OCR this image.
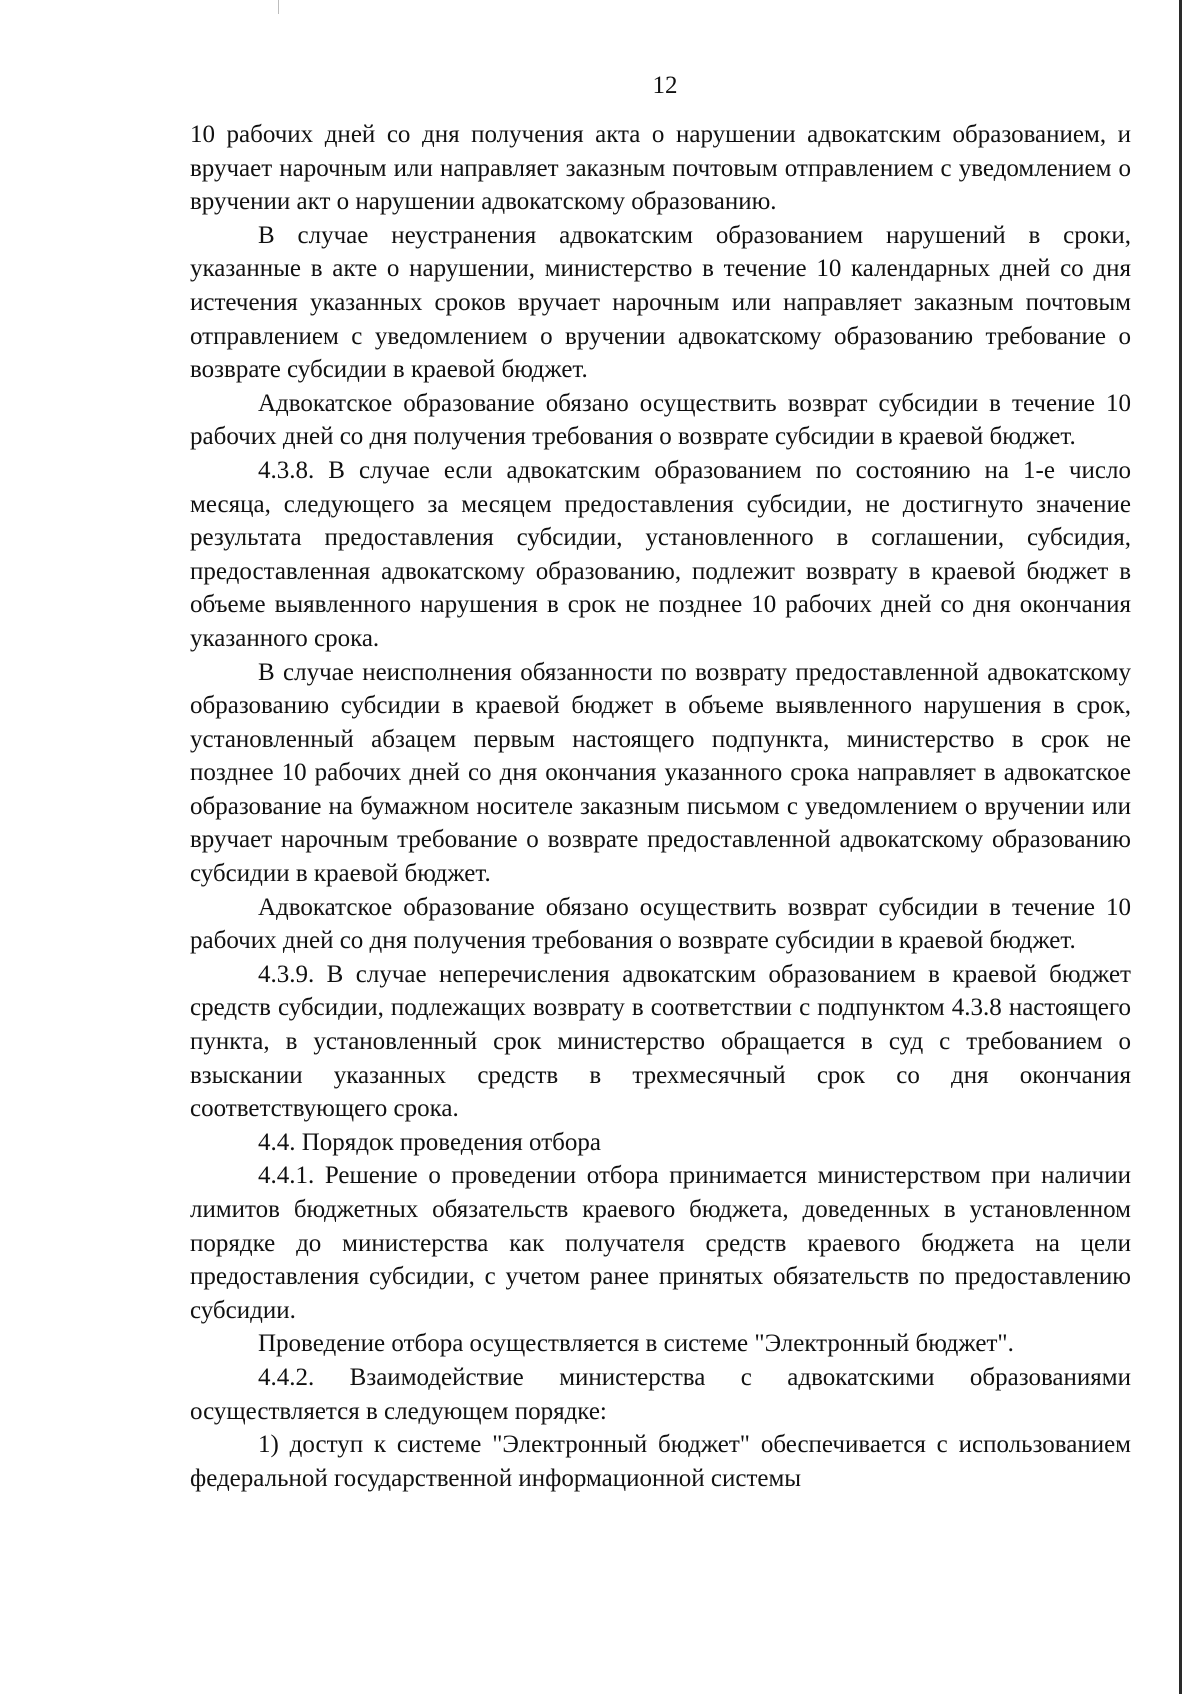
12

10 рабочих дней со дня получения акта о нарушении адвокатским образованием, и вручает нарочным или направляет заказным почтовым отправлением с уведомлением о вручении акт о нарушении адвокатскому образованию.

В случае неустранения адвокатским образованием нарушений в сроки, указанные в акте о нарушении, министерство в течение 10 календарных дней со дня истечения указанных сроков вручает нарочным или направляет заказным почтовым отправлением с уведомлением о вручении адвокатскому образованию требование о возврате субсидии в краевой бюджет.

Адвокатское образование обязано осуществить возврат субсидии в течение 10 рабочих дней со дня получения требования о возврате субсидии в краевой бюджет.

4.3.8. В случае если адвокатским образованием по состоянию на 1-е число месяца, следующего за месяцем предоставления субсидии, не достигнуто значение результата предоставления субсидии, установленного в соглашении, субсидия, предоставленная адвокатскому образованию, подлежит возврату в краевой бюджет в объеме выявленного нарушения в срок не позднее 10 рабочих дней со дня окончания указанного срока.

В случае неисполнения обязанности по возврату предоставленной адвокатскому образованию субсидии в краевой бюджет в объеме выявленного нарушения в срок, установленный абзацем первым настоящего подпункта, министерство в срок не позднее 10 рабочих дней со дня окончания указанного срока направляет в адвокатское образование на бумажном носителе заказным письмом с уведомлением о вручении или вручает нарочным требование о возврате предоставленной адвокатскому образованию субсидии в краевой бюджет.

Адвокатское образование обязано осуществить возврат субсидии в течение 10 рабочих дней со дня получения требования о возврате субсидии в краевой бюджет.

4.3.9. В случае неперечисления адвокатским образованием в краевой бюджет средств субсидии, подлежащих возврату в соответствии с подпунктом 4.3.8 настоящего пункта, в установленный срок министерство обращается в суд с требованием о взыскании указанных средств в трехмесячный срок со дня окончания соответствующего срока.

4.4. Порядок проведения отбора

4.4.1. Решение о проведении отбора принимается министерством при наличии лимитов бюджетных обязательств краевого бюджета, доведенных в установленном порядке до министерства как получателя средств краевого бюджета на цели предоставления субсидии, с учетом ранее принятых обязательств по предоставлению субсидии.

Проведение отбора осуществляется в системе "Электронный бюджет".

4.4.2. Взаимодействие министерства с адвокатскими образованиями осуществляется в следующем порядке:

1) доступ к системе "Электронный бюджет" обеспечивается с использованием федеральной государственной информационной системы
